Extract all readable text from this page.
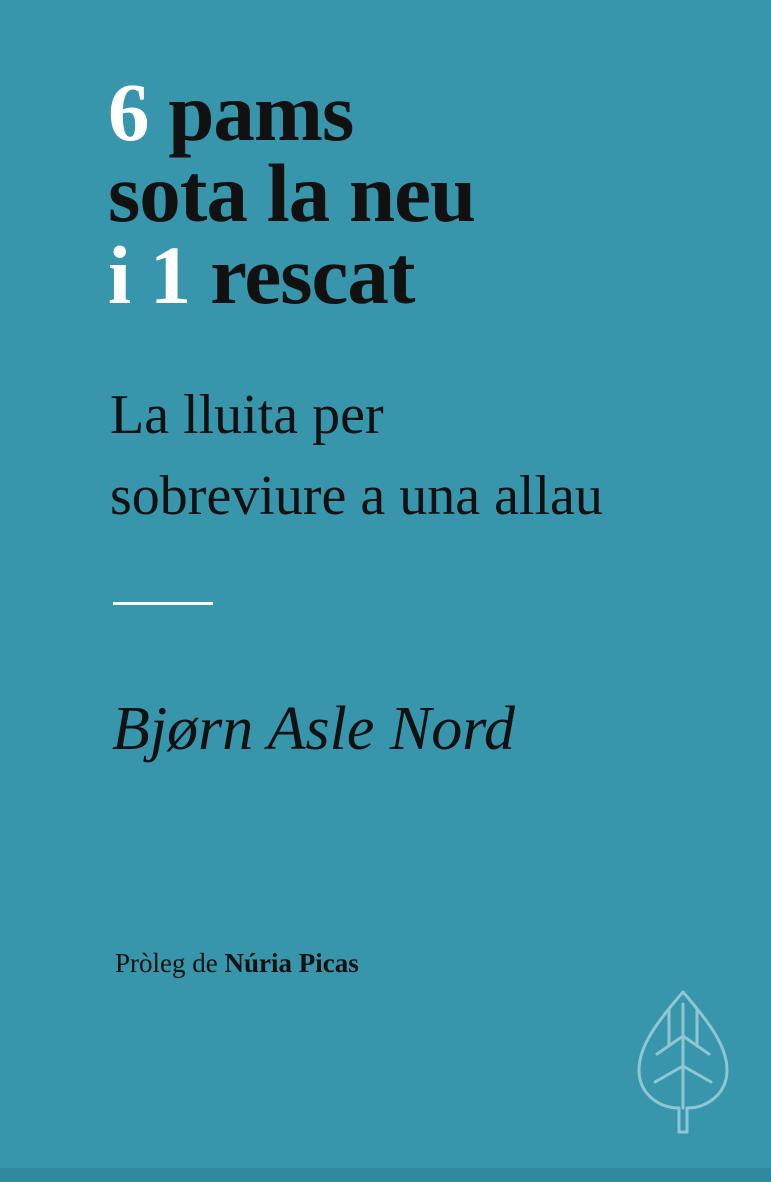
6 pams
sota la neu
i 1 rescat
La lluita per
sobreviure a una allau
Bjørn Asle Nord
Pròleg de Núria Picas
